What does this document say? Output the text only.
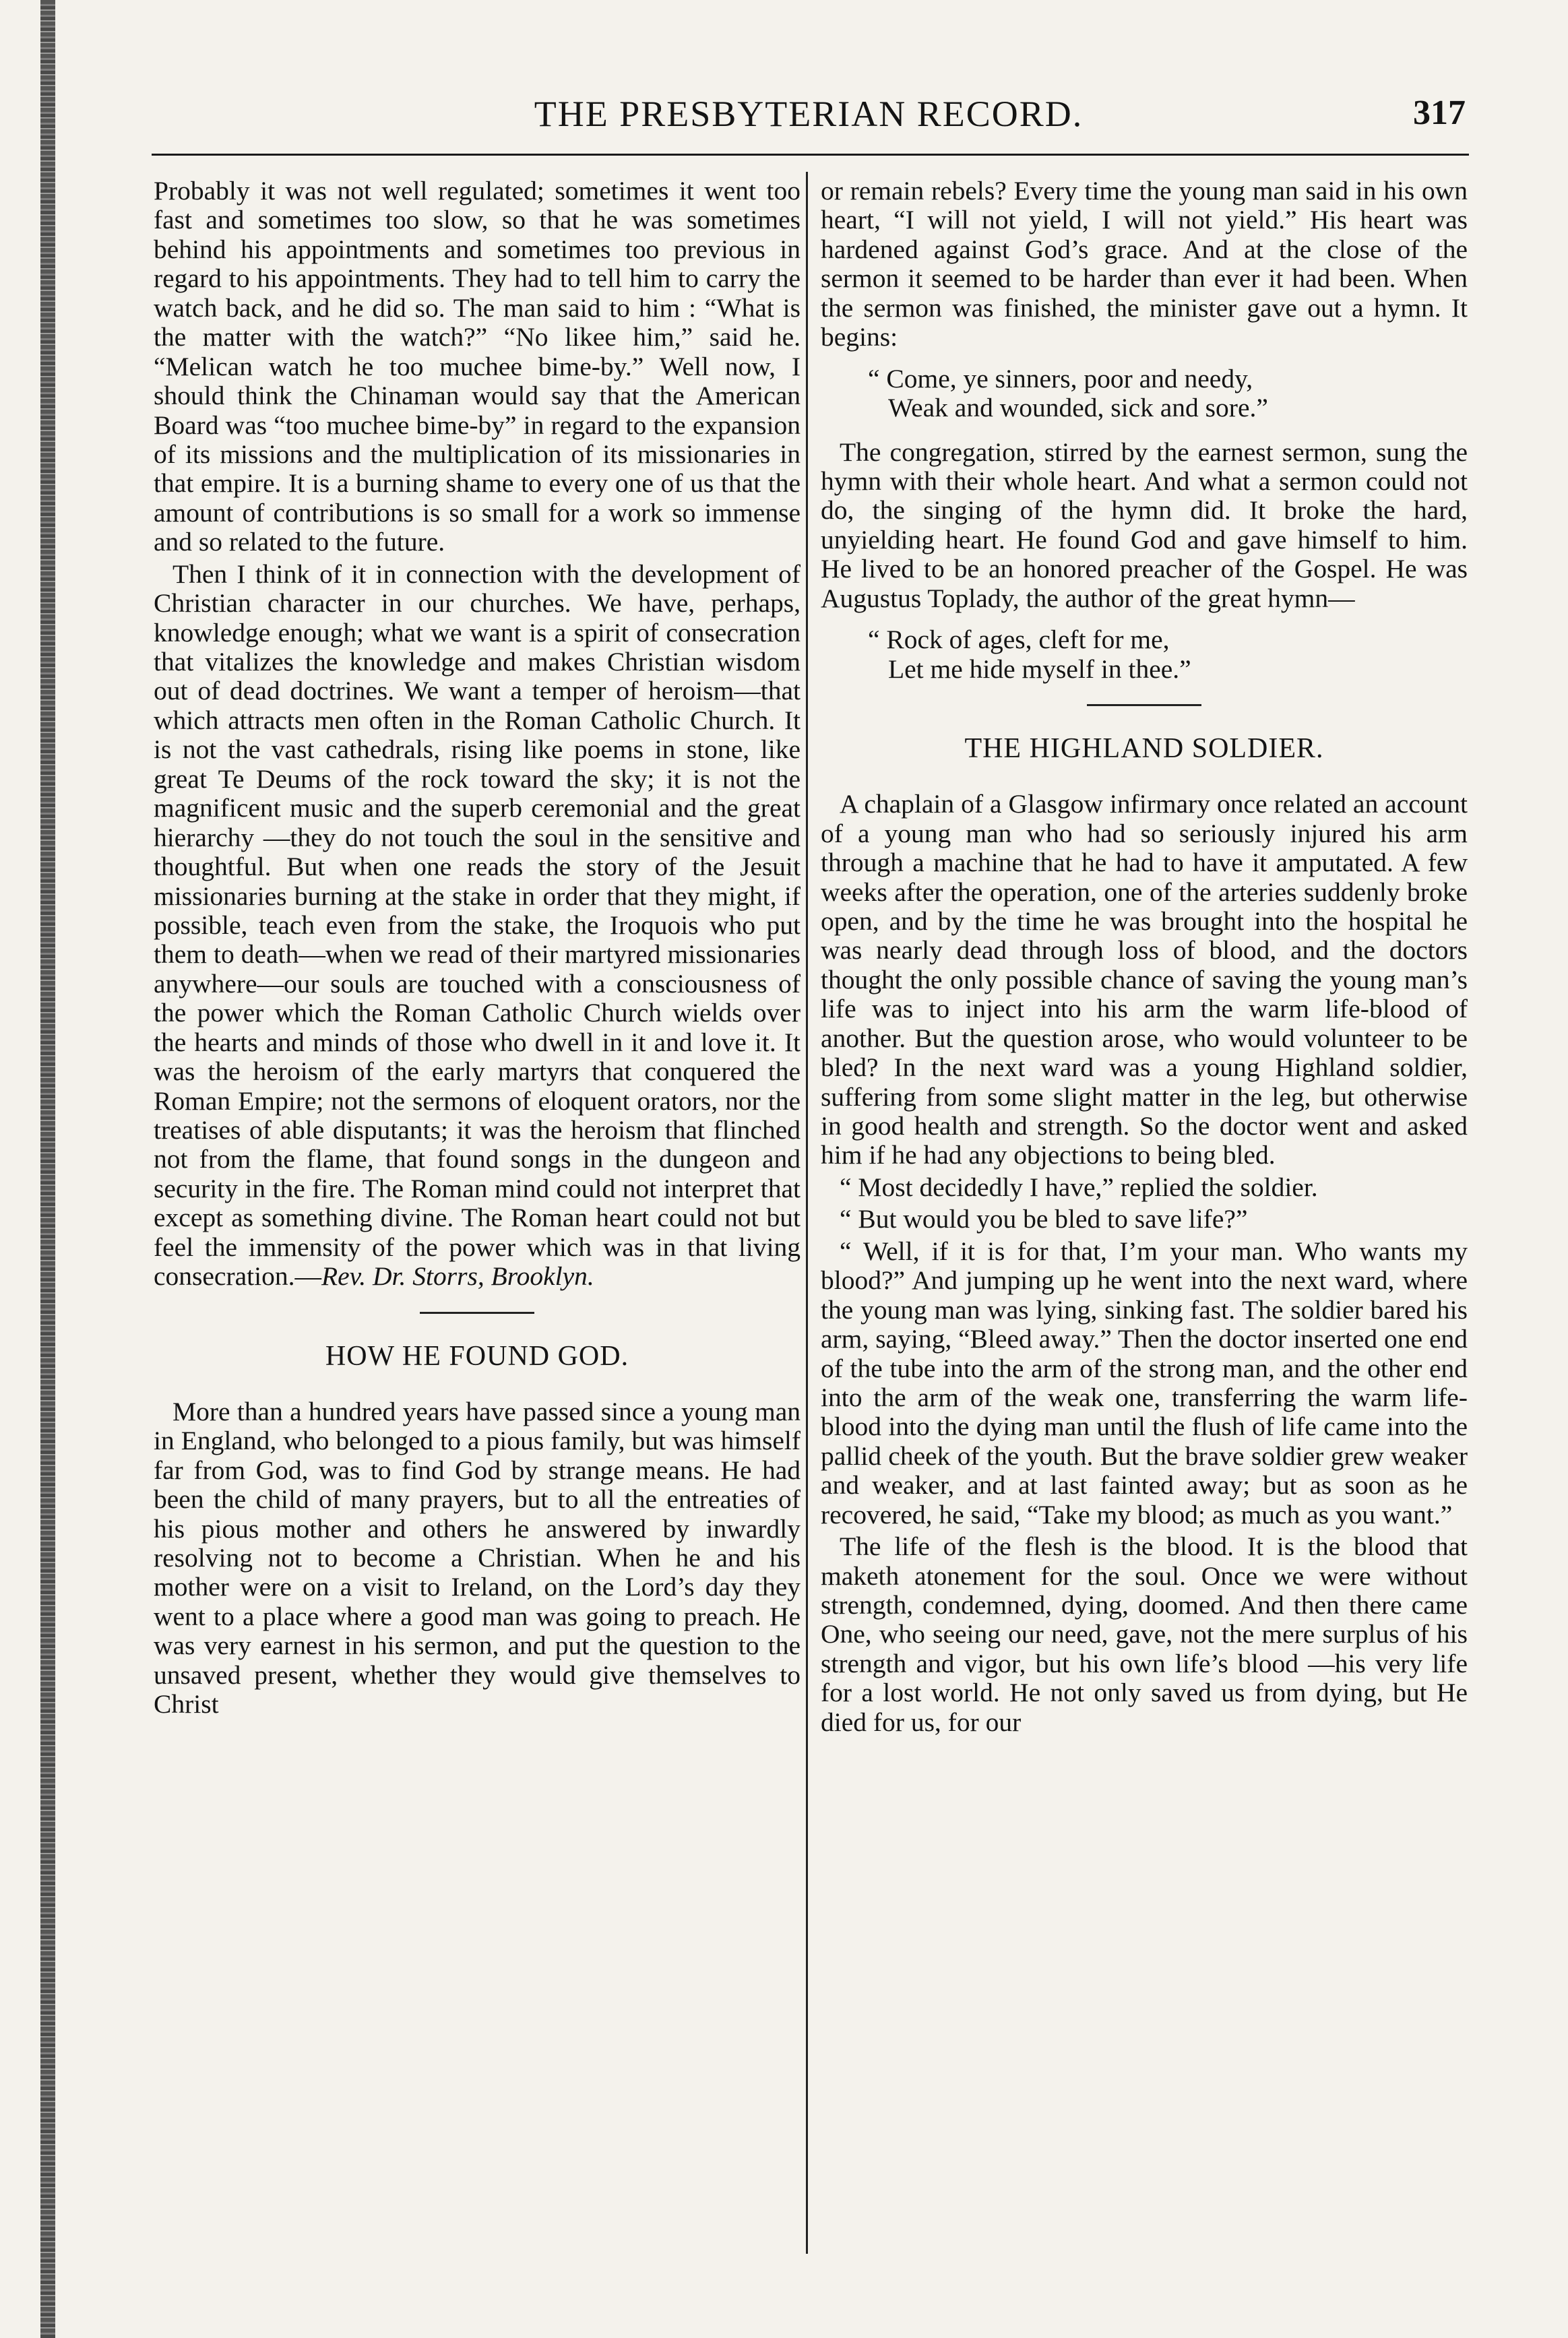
THE PRESBYTERIAN RECORD.	317

Probably it was not well regulated; sometimes it went too fast and sometimes too slow, so that he was sometimes behind his appointments and sometimes too previous in regard to his appointments. They had to tell him to carry the watch back, and he did so. The man said to him : “What is the matter with the watch?” “No likee him,” said he. “Melican watch he too muchee bime-by.” Well now, I should think the Chinaman would say that the American Board was “too muchee bime-by” in regard to the expansion of its missions and the multiplication of its missionaries in that empire. It is a burning shame to every one of us that the amount of contributions is so small for a work so immense and so related to the future.

Then I think of it in connection with the development of Christian character in our churches. We have, perhaps, knowledge enough; what we want is a spirit of consecration that vitalizes the knowledge and makes Christian wisdom out of dead doctrines. We want a temper of heroism—that which attracts men often in the Roman Catholic Church. It is not the vast cathedrals, rising like poems in stone, like great Te Deums of the rock toward the sky; it is not the magnificent music and the superb ceremonial and the great hierarchy —they do not touch the soul in the sensitive and thoughtful. But when one reads the story of the Jesuit missionaries burning at the stake in order that they might, if possible, teach even from the stake, the Iroquois who put them to death—when we read of their martyred missionaries anywhere—our souls are touched with a consciousness of the power which the Roman Catholic Church wields over the hearts and minds of those who dwell in it and love it. It was the heroism of the early martyrs that conquered the Roman Empire; not the sermons of eloquent orators, nor the treatises of able disputants; it was the heroism that flinched not from the flame, that found songs in the dungeon and security in the fire. The Roman mind could not interpret that except as something divine. The Roman heart could not but feel the immensity of the power which was in that living consecration.—Rev. Dr. Storrs, Brooklyn.

HOW HE FOUND GOD.

More than a hundred years have passed since a young man in England, who belonged to a pious family, but was himself far from God, was to find God by strange means. He had been the child of many prayers, but to all the entreaties of his pious mother and others he answered by inwardly resolving not to become a Christian. When he and his mother were on a visit to Ireland, on the Lord’s day they went to a place where a good man was going to preach. He was very earnest in his sermon, and put the question to the unsaved present, whether they would give themselves to Christ

or remain rebels? Every time the young man said in his own heart, “I will not yield, I will not yield.” His heart was hardened against God’s grace. And at the close of the sermon it seemed to be harder than ever it had been. When the sermon was finished, the minister gave out a hymn. It begins:

“ Come, ye sinners, poor and needy,
Weak and wounded, sick and sore.”

The congregation, stirred by the earnest sermon, sung the hymn with their whole heart. And what a sermon could not do, the singing of the hymn did. It broke the hard, unyielding heart. He found God and gave himself to him. He lived to be an honored preacher of the Gospel. He was Augustus Toplady, the author of the great hymn—

“ Rock of ages, cleft for me,
Let me hide myself in thee.”
THE HIGHLAND SOLDIER.

A chaplain of a Glasgow infirmary once related an account of a young man who had so seriously injured his arm through a machine that he had to have it amputated. A few weeks after the operation, one of the arteries suddenly broke open, and by the time he was brought into the hospital he was nearly dead through loss of blood, and the doctors thought the only possible chance of saving the young man’s life was to inject into his arm the warm life-blood of another. But the question arose, who would volunteer to be bled? In the next ward was a young Highland soldier, suffering from some slight matter in the leg, but otherwise in good health and strength. So the doctor went and asked him if he had any objections to being bled.

“ Most decidedly I have,” replied the soldier.

“ But would you be bled to save life?”

“ Well, if it is for that, I’m your man. Who wants my blood?” And jumping up he went into the next ward, where the young man was lying, sinking fast. The soldier bared his arm, saying, “Bleed away.” Then the doctor inserted one end of the tube into the arm of the strong man, and the other end into the arm of the weak one, transferring the warm life-blood into the dying man until the flush of life came into the pallid cheek of the youth. But the brave soldier grew weaker and weaker, and at last fainted away; but as soon as he recovered, he said, “Take my blood; as much as you want.”

The life of the flesh is the blood. It is the blood that maketh atonement for the soul. Once we were without strength, condemned, dying, doomed. And then there came One, who seeing our need, gave, not the mere surplus of his strength and vigor, but his own life’s blood —his very life for a lost world. He not only saved us from dying, but He died for us, for our
